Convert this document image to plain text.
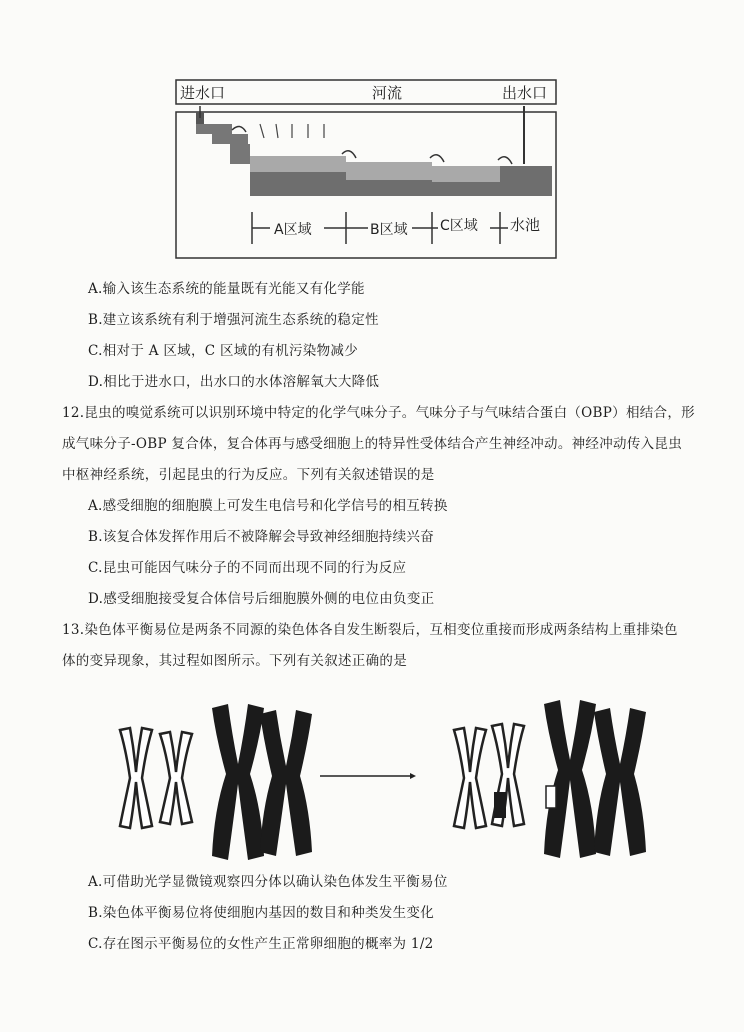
进水口	河流	出水口
A区域	B区域 C区域 水池
A.输入该生态系统的能量既有光能又有化学能
B.建立该系统有利于增强河流生态系统的稳定性
C.相对于 A 区域，C 区域的有机污染物减少
D.相比于进水口，出水口的水体溶解氧大大降低
12.昆虫的嗅觉系统可以识别环境中特定的化学气味分子。气味分子与气味结合蛋白（OBP）相结合，形
成气味分子-OBP 复合体，复合体再与感受细胞上的特异性受体结合产生神经冲动。神经冲动传入昆虫
中枢神经系统，引起昆虫的行为反应。下列有关叙述错误的是
A.感受细胞的细胞膜上可发生电信号和化学信号的相互转换
B.该复合体发挥作用后不被降解会导致神经细胞持续兴奋
C.昆虫可能因气味分子的不同而出现不同的行为反应
D.感受细胞接受复合体信号后细胞膜外侧的电位由负变正
13.染色体平衡易位是两条不同源的染色体各自发生断裂后，互相变位重接而形成两条结构上重排染色
体的变异现象，其过程如图所示。下列有关叙述正确的是
A.可借助光学显微镜观察四分体以确认染色体发生平衡易位
B.染色体平衡易位将使细胞内基因的数目和种类发生变化
C.存在图示平衡易位的女性产生正常卵细胞的概率为 1/2
